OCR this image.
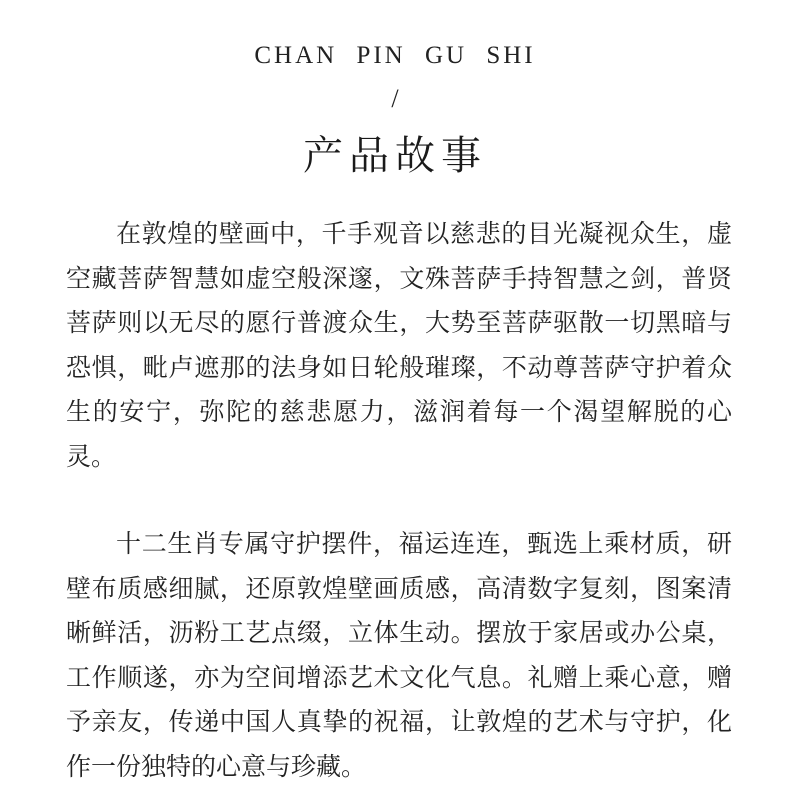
CHAN PIN GU SHI
/
产品故事

在敦煌的壁画中，千手观音以慈悲的目光凝视众生，虚空藏菩萨智慧如虚空般深邃，文殊菩萨手持智慧之剑，普贤菩萨则以无尽的愿行普渡众生，大势至菩萨驱散一切黑暗与恐惧，毗卢遮那的法身如日轮般璀璨，不动尊菩萨守护着众生的安宁，弥陀的慈悲愿力，滋润着每一个渴望解脱的心灵。

十二生肖专属守护摆件，福运连连，甄选上乘材质，研壁布质感细腻，还原敦煌壁画质感，高清数字复刻，图案清晰鲜活，沥粉工艺点缀，立体生动。摆放于家居或办公桌，工作顺遂，亦为空间增添艺术文化气息。礼赠上乘心意，赠予亲友，传递中国人真挚的祝福，让敦煌的艺术与守护，化作一份独特的心意与珍藏。
